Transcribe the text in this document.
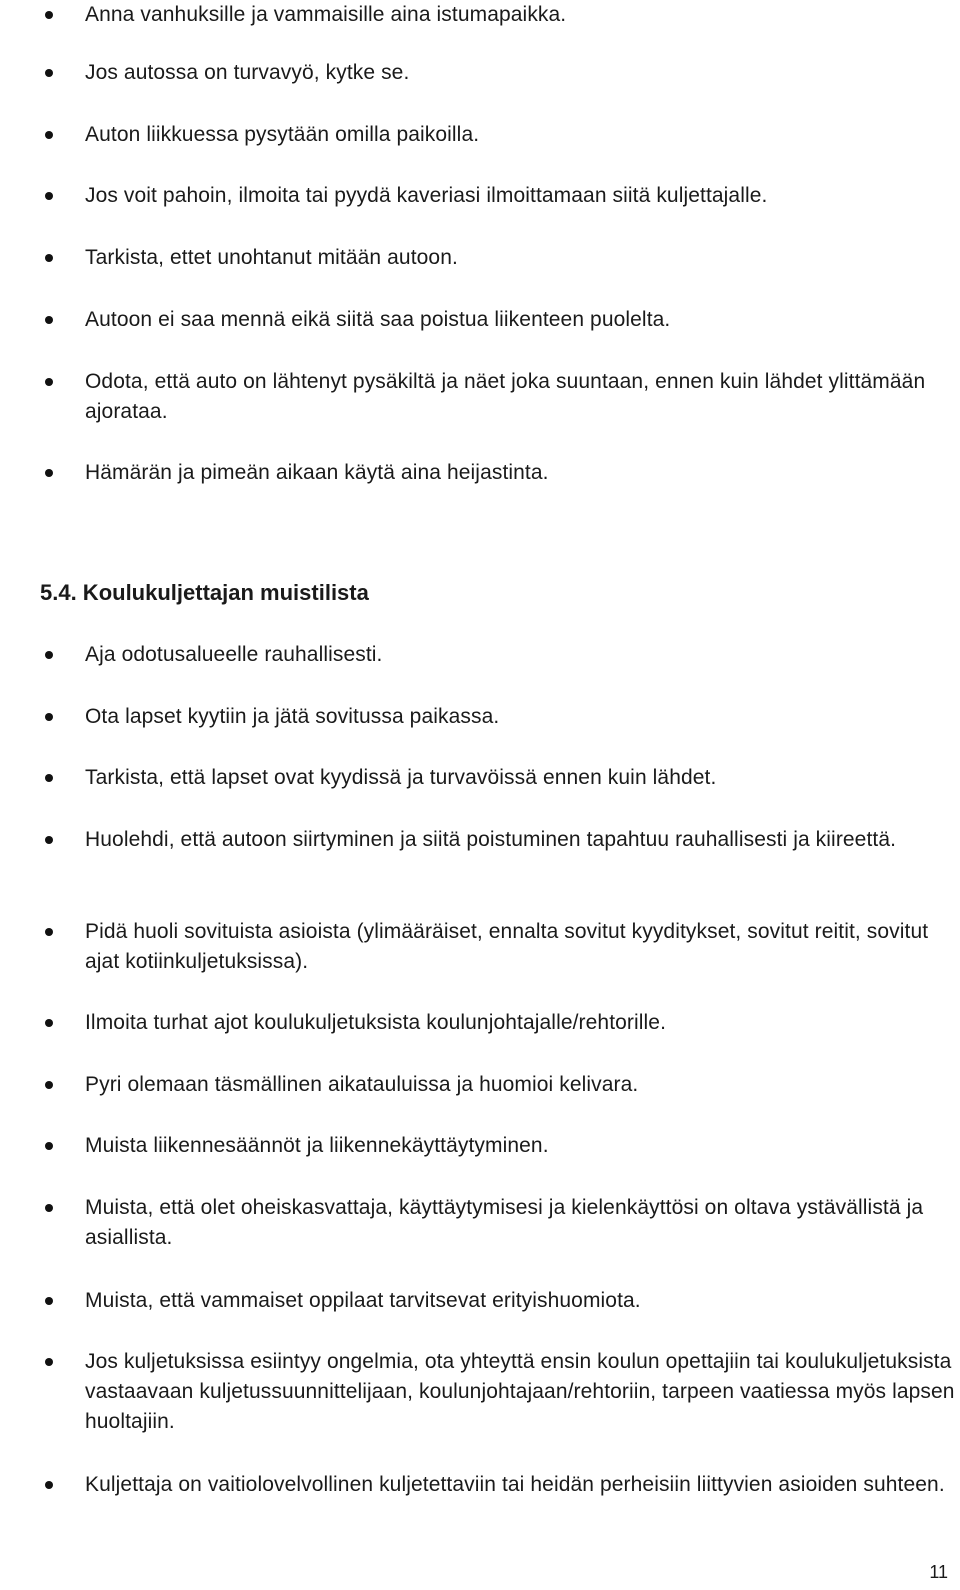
Anna vanhuksille ja vammaisille aina istumapaikka.
Jos autossa on turvavyö, kytke se.
Auton liikkuessa pysytään omilla paikoilla.
Jos voit pahoin, ilmoita tai pyydä kaveriasi ilmoittamaan siitä kuljettajalle.
Tarkista, ettet unohtanut mitään autoon.
Autoon ei saa mennä eikä siitä saa poistua liikenteen puolelta.
Odota, että auto on lähtenyt pysäkiltä ja näet joka suuntaan, ennen kuin lähdet ylittämään ajorataa.
Hämärän ja pimeän aikaan käytä aina heijastinta.
5.4. Koulukuljettajan muistilista
Aja odotusalueelle rauhallisesti.
Ota lapset kyytiin ja jätä sovitussa paikassa.
Tarkista, että lapset ovat kyydissä ja turvavöissä ennen kuin lähdet.
Huolehdi, että autoon siirtyminen ja siitä poistuminen tapahtuu rauhallisesti ja kiireettä.
Pidä huoli sovituista asioista (ylimääräiset, ennalta sovitut kyyditykset, sovitut reitit, sovitut ajat kotiinkuljetuksissa).
Ilmoita turhat ajot koulukuljetuksista koulunjohtajalle/rehtorille.
Pyri olemaan täsmällinen aikatauluissa ja huomioi kelivara.
Muista liikennesäännöt ja liikennekäyttäytyminen.
Muista, että olet oheiskasvattaja, käyttäytymisesi ja kielenkäyttösi on oltava ystävällistä ja asiallista.
Muista, että vammaiset oppilaat tarvitsevat erityishuomiota.
Jos kuljetuksissa esiintyy ongelmia, ota yhteyttä ensin koulun opettajiin tai koulukuljetuksista vastaavaan kuljetussuunnittelijaan, koulunjohtajaan/rehtoriin, tarpeen vaatiessa myös lapsen huoltajiin.
Kuljettaja on vaitiolovelvollinen kuljetettaviin tai heidän perheisiin liittyvien asioiden suhteen.
11
